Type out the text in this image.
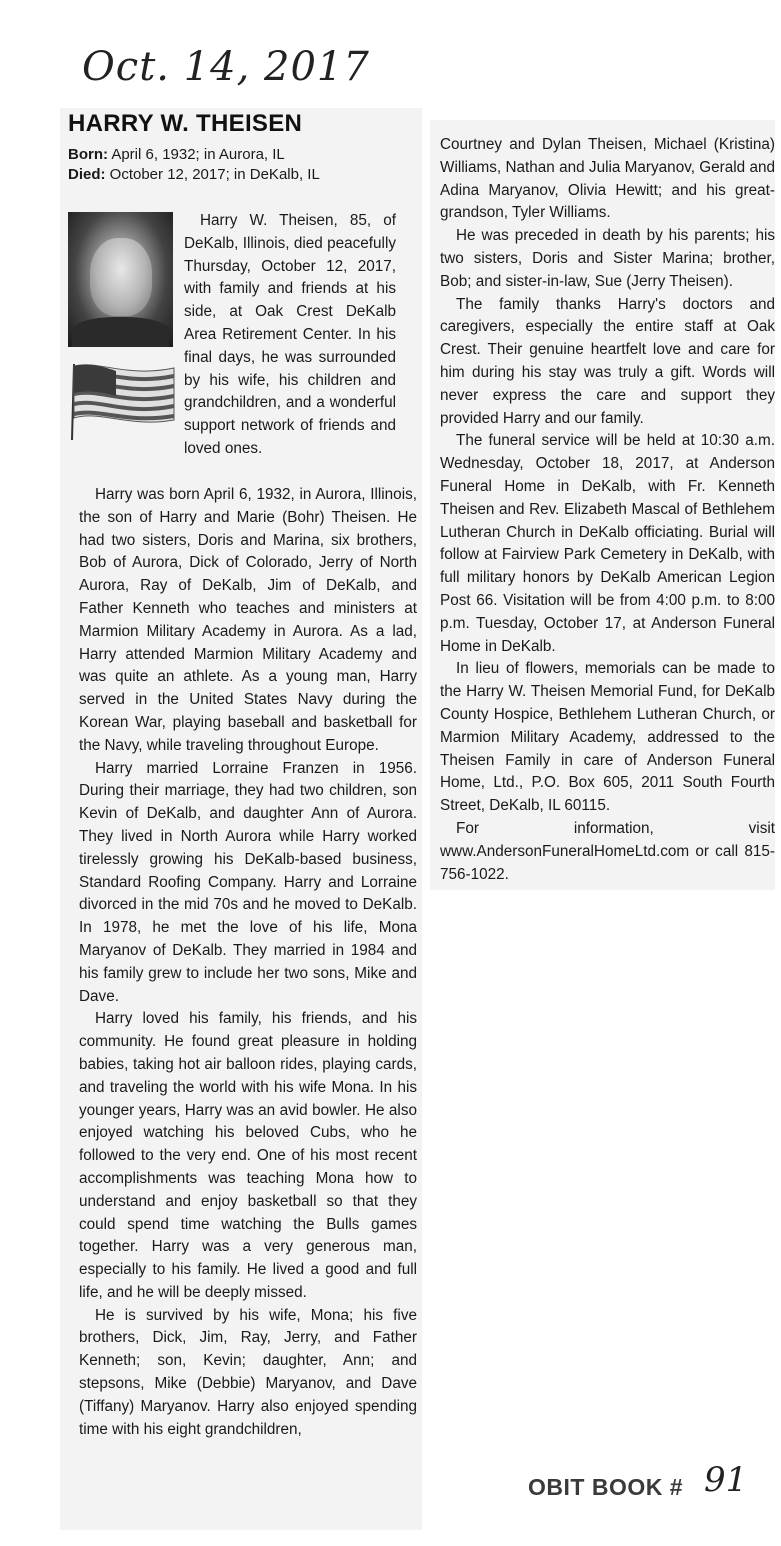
Oct. 14, 2017
HARRY W. THEISEN
Born: April 6, 1932; in Aurora, IL
Died: October 12, 2017; in DeKalb, IL

Harry W. Theisen, 85, of DeKalb, Illinois, died peacefully Thursday, October 12, 2017, with family and friends at his side, at Oak Crest DeKalb Area Retirement Center. In his final days, he was surrounded by his wife, his children and grandchildren, and a wonderful support network of friends and loved ones.

Harry was born April 6, 1932, in Aurora, Illinois, the son of Harry and Marie (Bohr) Theisen. He had two sisters, Doris and Marina, six brothers, Bob of Aurora, Dick of Colorado, Jerry of North Aurora, Ray of DeKalb, Jim of DeKalb, and Father Kenneth who teaches and ministers at Marmion Military Academy in Aurora. As a lad, Harry attended Marmion Military Academy and was quite an athlete. As a young man, Harry served in the United States Navy during the Korean War, playing baseball and basketball for the Navy, while traveling throughout Europe.

Harry married Lorraine Franzen in 1956. During their marriage, they had two children, son Kevin of DeKalb, and daughter Ann of Aurora. They lived in North Aurora while Harry worked tirelessly growing his DeKalb-based business, Standard Roofing Company. Harry and Lorraine divorced in the mid 70s and he moved to DeKalb. In 1978, he met the love of his life, Mona Maryanov of DeKalb. They married in 1984 and his family grew to include her two sons, Mike and Dave.

Harry loved his family, his friends, and his community. He found great pleasure in holding babies, taking hot air balloon rides, playing cards, and traveling the world with his wife Mona. In his younger years, Harry was an avid bowler. He also enjoyed watching his beloved Cubs, who he followed to the very end. One of his most recent accomplishments was teaching Mona how to understand and enjoy basketball so that they could spend time watching the Bulls games together. Harry was a very generous man, especially to his family. He lived a good and full life, and he will be deeply missed.

He is survived by his wife, Mona; his five brothers, Dick, Jim, Ray, Jerry, and Father Kenneth; son, Kevin; daughter, Ann; and stepsons, Mike (Debbie) Maryanov, and Dave (Tiffany) Maryanov. Harry also enjoyed spending time with his eight grandchildren,

Courtney and Dylan Theisen, Michael (Kristina) Williams, Nathan and Julia Maryanov, Gerald and Adina Maryanov, Olivia Hewitt; and his great-grandson, Tyler Williams.

He was preceded in death by his parents; his two sisters, Doris and Sister Marina; brother, Bob; and sister-in-law, Sue (Jerry Theisen).

The family thanks Harry's doctors and caregivers, especially the entire staff at Oak Crest. Their genuine heartfelt love and care for him during his stay was truly a gift. Words will never express the care and support they provided Harry and our family.

The funeral service will be held at 10:30 a.m. Wednesday, October 18, 2017, at Anderson Funeral Home in DeKalb, with Fr. Kenneth Theisen and Rev. Elizabeth Mascal of Bethlehem Lutheran Church in DeKalb officiating. Burial will follow at Fairview Park Cemetery in DeKalb, with full military honors by DeKalb American Legion Post 66. Visitation will be from 4:00 p.m. to 8:00 p.m. Tuesday, October 17, at Anderson Funeral Home in DeKalb.

In lieu of flowers, memorials can be made to the Harry W. Theisen Memorial Fund, for DeKalb County Hospice, Bethlehem Lutheran Church, or Marmion Military Academy, addressed to the Theisen Family in care of Anderson Funeral Home, Ltd., P.O. Box 605, 2011 South Fourth Street, DeKalb, IL 60115.

For information, visit www.AndersonFuneralHomeLtd.com or call 815-756-1022.

OBIT BOOK # 91
